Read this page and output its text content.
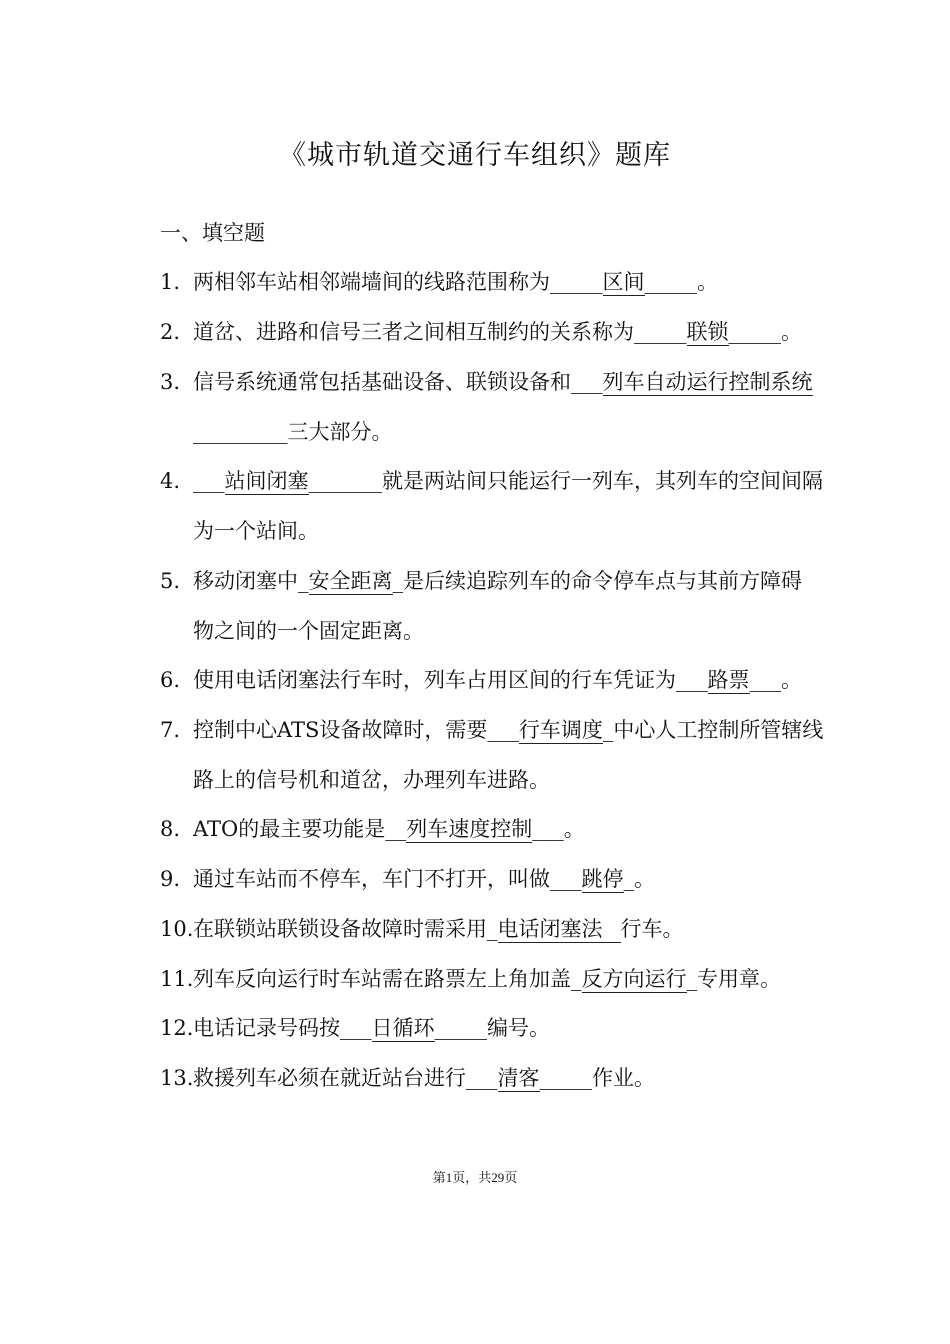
《城市轨道交通行车组织》题库
一、填空题
1. 两相邻车站相邻端墙间的线路范围称为_____区间_____。
2. 道岔、进路和信号三者之间相互制约的关系称为_____联锁_____。
3. 信号系统通常包括基础设备、联锁设备和___列车自动运行控制系统
_________三大部分。
4. ___站间闭塞_______就是两站间只能运行一列车，其列车的空间间隔
为一个站间。
5. 移动闭塞中_安全距离_是后续追踪列车的命令停车点与其前方障碍
物之间的一个固定距离。
6. 使用电话闭塞法行车时，列车占用区间的行车凭证为___路票___。
7. 控制中心ATS设备故障时，需要___行车调度_中心人工控制所管辖线
路上的信号机和道岔，办理列车进路。
8. ATO的最主要功能是__列车速度控制___。
9. 通过车站而不停车，车门不打开，叫做___跳停_。
10.在联锁站联锁设备故障时需采用_电话闭塞法 行车。
11.列车反向运行时车站需在路票左上角加盖_反方向运行_专用章。
12.电话记录号码按___日循环_____编号。
13.救援列车必须在就近站台进行___清客_____作业。
第1页，共29页
